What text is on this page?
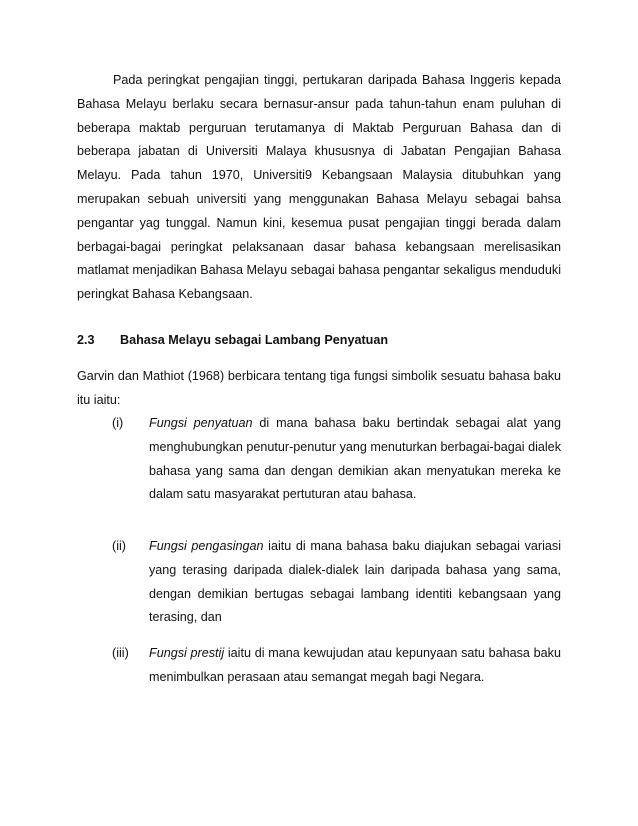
Pada peringkat pengajian tinggi, pertukaran daripada Bahasa Inggeris kepada Bahasa Melayu berlaku secara bernasur-ansur pada tahun-tahun enam puluhan di beberapa maktab perguruan terutamanya di Maktab Perguruan Bahasa dan di beberapa jabatan di Universiti Malaya khususnya di Jabatan Pengajian Bahasa Melayu. Pada tahun 1970, Universiti9 Kebangsaan Malaysia ditubuhkan yang merupakan sebuah universiti yang menggunakan Bahasa Melayu sebagai bahsa pengantar yag tunggal. Namun kini, kesemua pusat pengajian tinggi berada dalam berbagai-bagai peringkat pelaksanaan dasar bahasa kebangsaan merelisasikan matlamat menjadikan Bahasa Melayu sebagai bahasa pengantar sekaligus menduduki peringkat Bahasa Kebangsaan.

2.3	Bahasa Melayu sebagai Lambang Penyatuan

Garvin dan Mathiot (1968) berbicara tentang tiga fungsi simbolik sesuatu bahasa baku itu iaitu:

(i)	Fungsi penyatuan di mana bahasa baku bertindak sebagai alat yang menghubungkan penutur-penutur yang menuturkan berbagai-bagai dialek bahasa yang sama dan dengan demikian akan menyatukan mereka ke dalam satu masyarakat pertuturan atau bahasa.

(ii)	Fungsi pengasingan iaitu di mana bahasa baku diajukan sebagai variasi yang terasing daripada dialek-dialek lain daripada bahasa yang sama, dengan demikian bertugas sebagai lambang identiti kebangsaan yang terasing, dan

(iii)	Fungsi prestij iaitu di mana kewujudan atau kepunyaan satu bahasa baku menimbulkan perasaan atau semangat megah bagi Negara.
